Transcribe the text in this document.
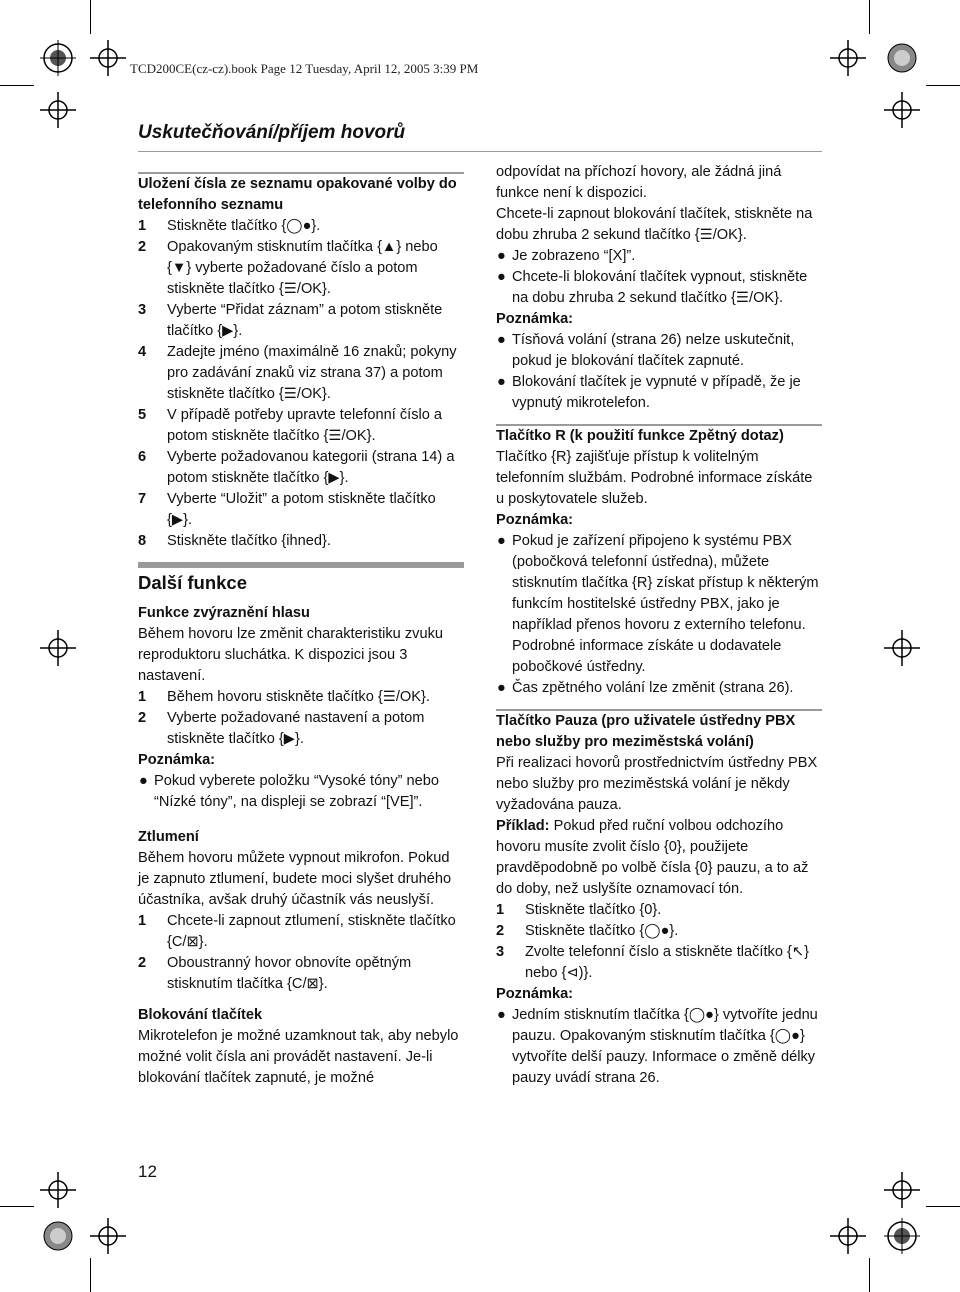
TCD200CE(cz-cz).book Page 12 Tuesday, April 12, 2005 3:39 PM
Uskutečňování/příjem hovorů

Uložení čísla ze seznamu opakované volby do telefonního seznamu

1 Stiskněte tlačítko {◯●}.
2 Opakovaným stisknutím tlačítka {▲} nebo {▼} vyberte požadované číslo a potom stiskněte tlačítko {☰/OK}.
3 Vyberte “Přidat záznam” a potom stiskněte tlačítko {▶}.
4 Zadejte jméno (maximálně 16 znaků; pokyny pro zadávání znaků viz strana 37) a potom stiskněte tlačítko {☰/OK}.
5 V případě potřeby upravte telefonní číslo a potom stiskněte tlačítko {☰/OK}.
6 Vyberte požadovanou kategorii (strana 14) a potom stiskněte tlačítko {▶}.
7 Vyberte “Uložit” a potom stiskněte tlačítko {▶}.
8 Stiskněte tlačítko {ihned}.

Další funkce

Funkce zvýraznění hlasu

Během hovoru lze změnit charakteristiku zvuku reproduktoru sluchátka. K dispozici jsou 3 nastavení.

1 Během hovoru stiskněte tlačítko {☰/OK}.
2 Vyberte požadované nastavení a potom stiskněte tlačítko {▶}.

Poznámka:

● Pokud vyberete položku “Vysoké tóny” nebo “Nízké tóny”, na displeji se zobrazí “[VE]”.

Ztlumení

Během hovoru můžete vypnout mikrofon. Pokud je zapnuto ztlumení, budete moci slyšet druhého účastníka, avšak druhý účastník vás neuslyší.

1 Chcete-li zapnout ztlumení, stiskněte tlačítko {C/⊠}.
2 Oboustranný hovor obnovíte opětným stisknutím tlačítka {C/⊠}.

Blokování tlačítek

Mikrotelefon je možné uzamknout tak, aby nebylo možné volit čísla ani provádět nastavení. Je-li blokování tlačítek zapnuté, je možné

odpovídat na příchozí hovory, ale žádná jiná funkce není k dispozici.

Chcete-li zapnout blokování tlačítek, stiskněte na dobu zhruba 2 sekund tlačítko {☰/OK}.

● Je zobrazeno “[X]”.
● Chcete-li blokování tlačítek vypnout, stiskněte na dobu zhruba 2 sekund tlačítko {☰/OK}.

Poznámka:

● Tísňová volání (strana 26) nelze uskutečnit, pokud je blokování tlačítek zapnuté.
● Blokování tlačítek je vypnuté v případě, že je vypnutý mikrotelefon.

Tlačítko R (k použití funkce Zpětný dotaz)

Tlačítko {R} zajišťuje přístup k volitelným telefonním službám. Podrobné informace získáte u poskytovatele služeb.

Poznámka:

● Pokud je zařízení připojeno k systému PBX (pobočková telefonní ústředna), můžete stisknutím tlačítka {R} získat přístup k některým funkcím hostitelské ústředny PBX, jako je například přenos hovoru z externího telefonu. Podrobné informace získáte u dodavatele pobočkové ústředny.
● Čas zpětného volání lze změnit (strana 26).

Tlačítko Pauza (pro uživatele ústředny PBX nebo služby pro meziměstská volání)

Při realizaci hovorů prostřednictvím ústředny PBX nebo služby pro meziměstská volání je někdy vyžadována pauza.

Příklad: Pokud před ruční volbou odchozího hovoru musíte zvolit číslo {0}, použijete pravděpodobně po volbě čísla {0} pauzu, a to až do doby, než uslyšíte oznamovací tón.

1 Stiskněte tlačítko {0}.
2 Stiskněte tlačítko {◯●}.
3 Zvolte telefonní číslo a stiskněte tlačítko {↖} nebo {⊲)}.

Poznámka:

● Jedním stisknutím tlačítka {◯●} vytvoříte jednu pauzu. Opakovaným stisknutím tlačítka {◯●} vytvoříte delší pauzy. Informace o změně délky pauzy uvádí strana 26.
12
